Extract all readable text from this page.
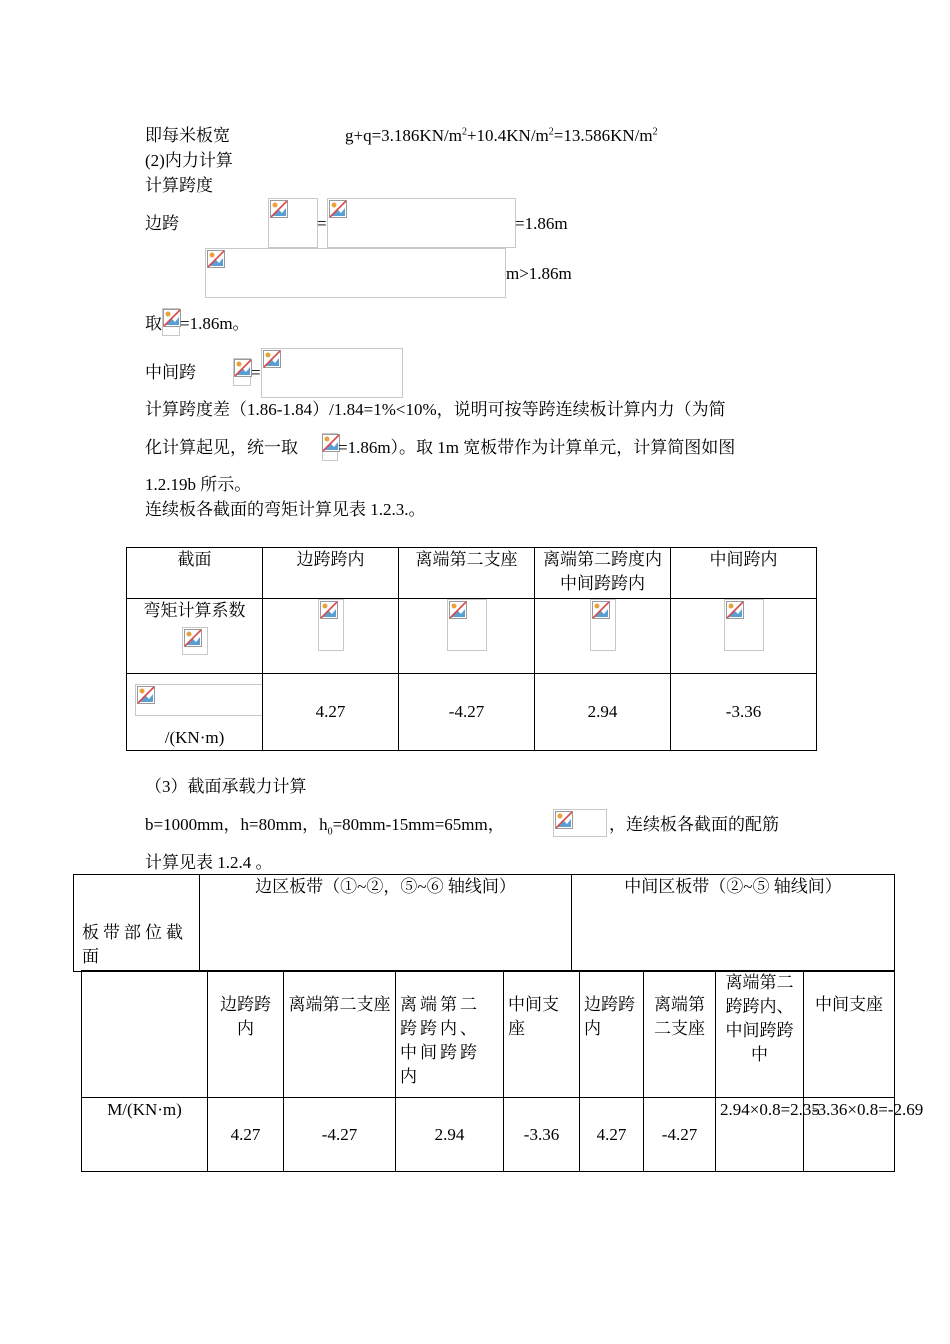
即每米板宽	$g+q=3.186KN/m^2+10.4KN/m^2=13.586KN/m^2$
(2)内力计算
计算跨度
边跨	=	=1.86m
m>1.86m
取 =1.86m。
中间跨	=
计算跨度差（1.86-1.84）/1.84=1%<10%，说明可按等跨连续板计算内力（为简
化计算起见，统一取 =1.86m）。取 1m 宽板带作为计算单元，计算简图如图
1.2.19b 所示。
连续板各截面的弯矩计算见表 1.2.3.。
截面	边跨跨内	离端第二支座	离端第二跨度内中间跨跨内	中间跨内

弯矩计算系数

/(KN·m)	4.27	-4.27	2.94	-3.36
（3）截面承载力计算
b=1000mm，h=80mm，$h_0=80mm-15mm=65mm$，	，连续板各截面的配筋
计算见表 1.2.4 。
板带部位截面	边区板带（①~②，⑤~⑥ 轴线间）	中间区板带（②~⑤ 轴线间）
	边跨跨内	离端第二支座	离端第二跨跨内、中间跨跨内	中间支座	边跨跨内	离端第二支座	离端第二跨跨内、中间跨跨中	中间支座
M/(KN·m)	4.27	-4.27	2.94	-3.36	4.27	-4.27	2.94×0.8=2.35	-3.36×0.8=-2.69
